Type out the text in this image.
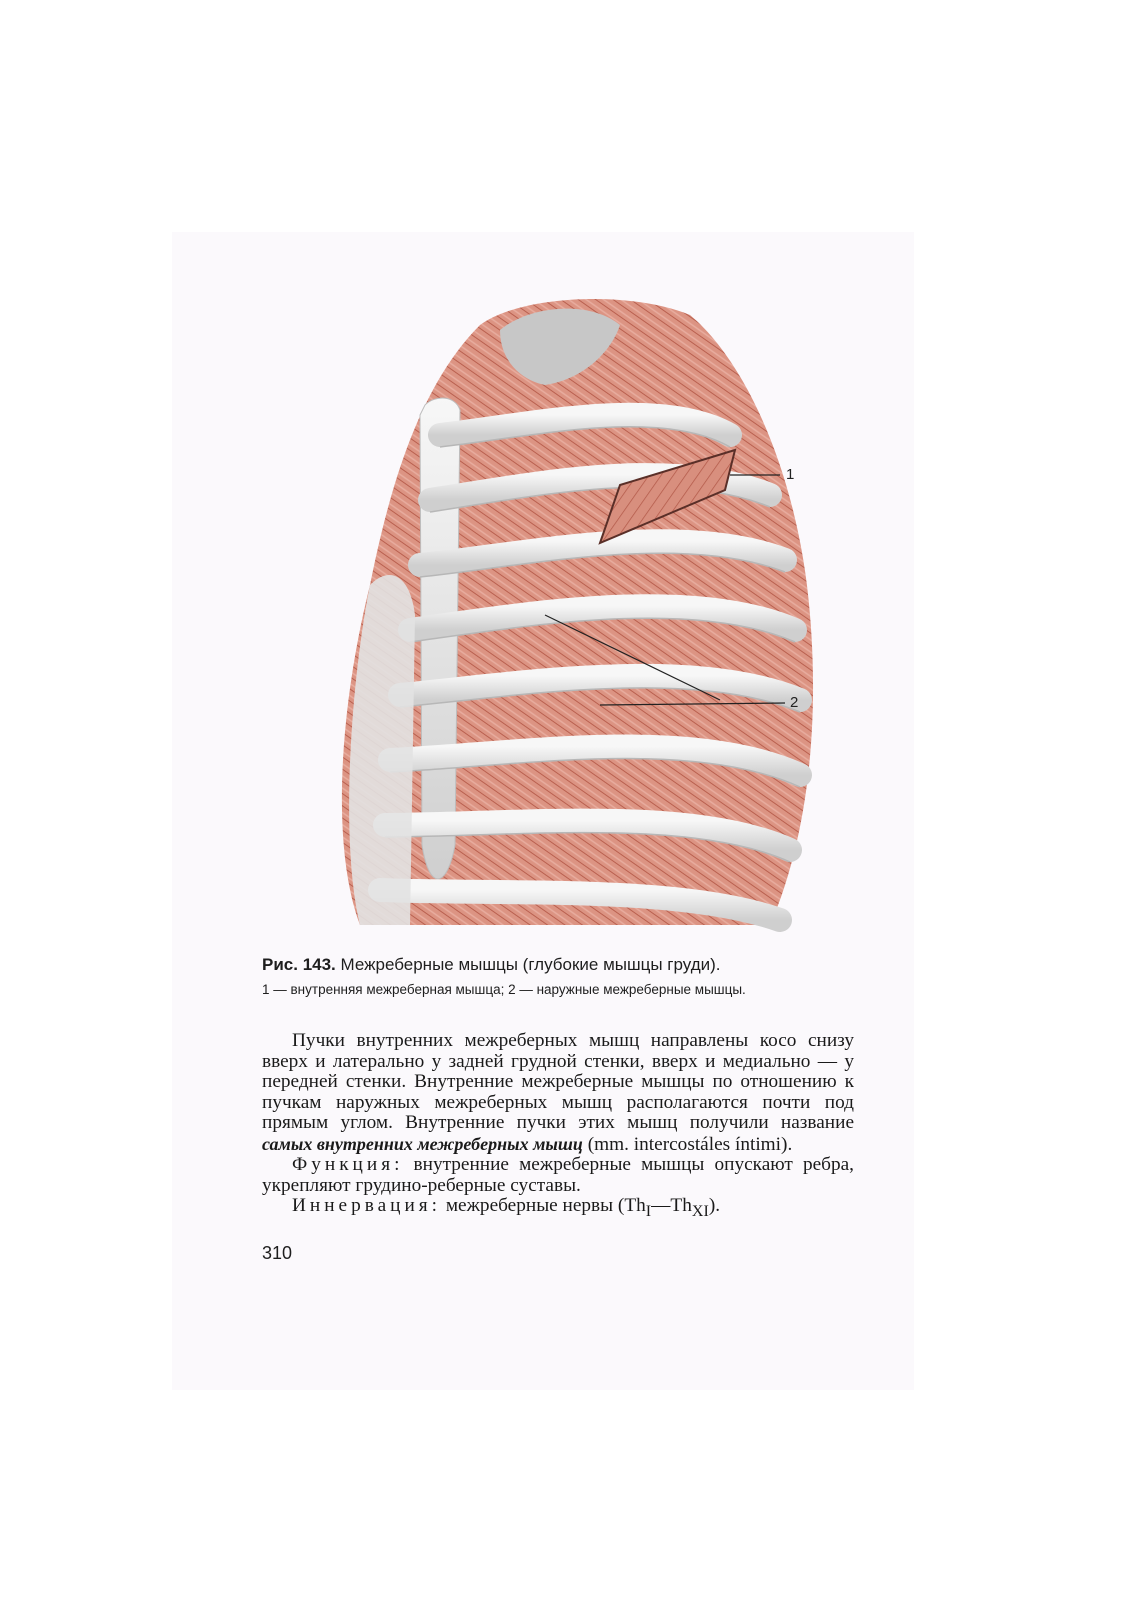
1
2
Рис. 143. Межреберные мышцы (глубокие мышцы груди).
1 — внутренняя межреберная мышца; 2 — наружные межреберные мышцы.

Пучки внутренних межреберных мышц направлены косо снизу вверх и латерально у задней грудной стенки, вверх и медиально — у передней стенки. Внутренние межреберные мышцы по отношению к пучкам наружных межреберных мышц располагаются почти под прямым углом. Внутренние пучки этих мышц получили название самых внутренних межреберных мышц (mm. intercostáles íntimi).

Функция: внутренние межреберные мышцы опускают ребра, укрепляют грудино-реберные суставы.

Иннервация: межреберные нервы $(Th_I—Th_{XI})$.

310
